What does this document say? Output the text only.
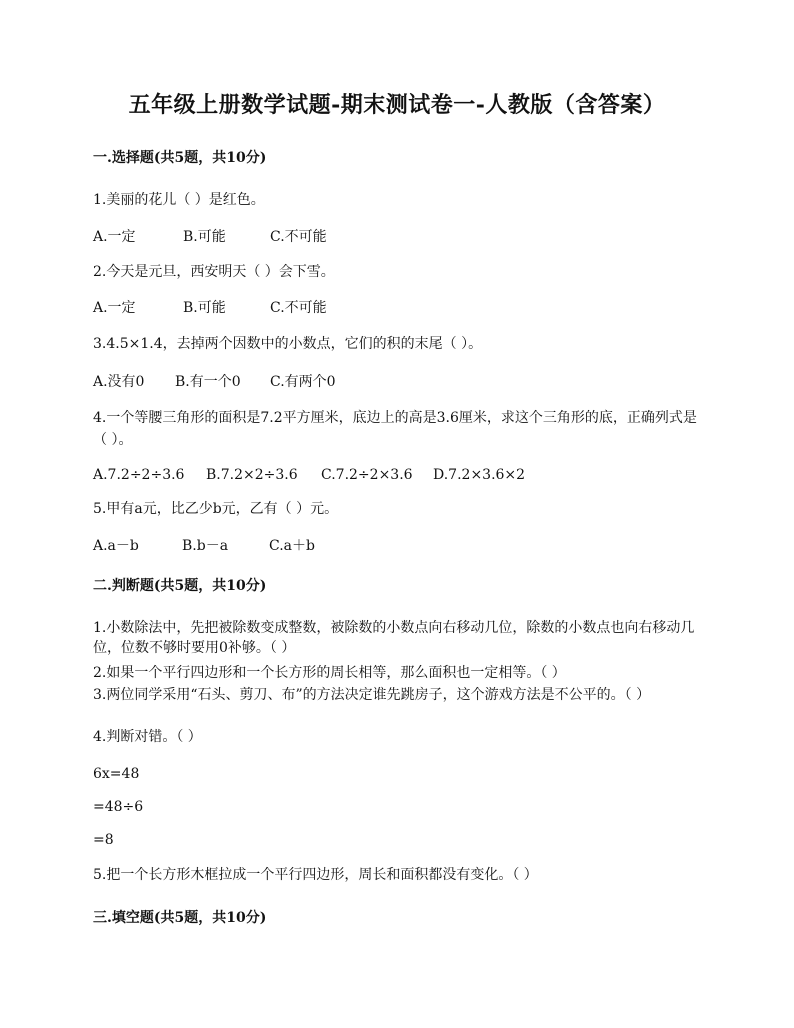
五年级上册数学试题-期末测试卷一-人教版（含答案）

一.选择题(共5题，共10分)

1.美丽的花儿（ ）是红色。

A.一定	B.可能	C.不可能

2.今天是元旦，西安明天（ ）会下雪。

A.一定	B.可能	C.不可能

3.4.5×1.4，去掉两个因数中的小数点，它们的积的末尾（ ）。

A.没有0	B.有一个0	C.有两个0

4.一个等腰三角形的面积是7.2平方厘米，底边上的高是3.6厘米，求这个三角形的底，正确列式是（ ）。

A.7.2÷2÷3.6	B.7.2×2÷3.6	C.7.2÷2×3.6	D.7.2×3.6×2

5.甲有a元，比乙少b元，乙有（ ）元。

A.a－b	B.b－a	C.a＋b

二.判断题(共5题，共10分)

1.小数除法中，先把被除数变成整数，被除数的小数点向右移动几位，除数的小数点也向右移动几位，位数不够时要用0补够。（ ）

2.如果一个平行四边形和一个长方形的周长相等，那么面积也一定相等。（ ）

3.两位同学采用“石头、剪刀、布”的方法决定谁先跳房子，这个游戏方法是不公平的。（ ）

4.判断对错。（ ）

6x=48

=48÷6

=8

5.把一个长方形木框拉成一个平行四边形，周长和面积都没有变化。（ ）

三.填空题(共5题，共10分)
